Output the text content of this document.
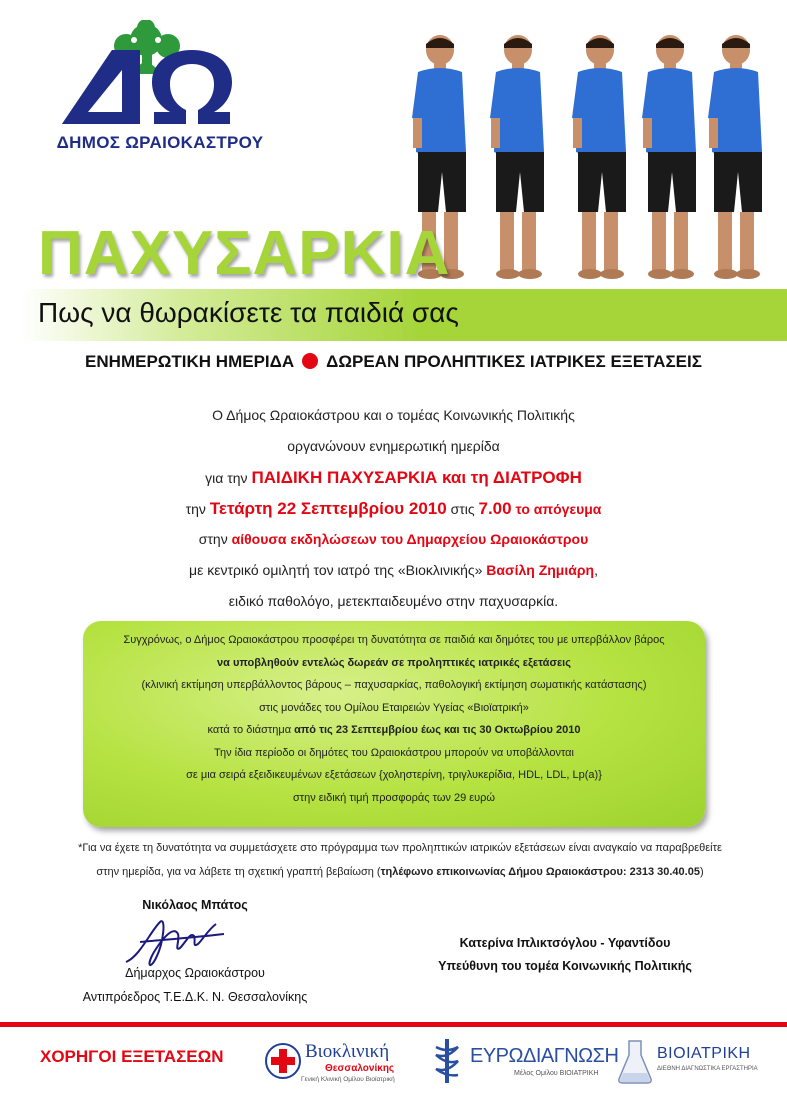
ΔΗΜΟΣ ΩΡΑΙΟΚΑΣΤΡΟΥ
ΠΑΧΥΣΑΡΚΙΑ
Πως να θωρακίσετε τα παιδιά σας
ΕΝΗΜΕΡΩΤΙΚΗ ΗΜΕΡΙΔΑ ΔΩΡΕΑΝ ΠΡΟΛΗΠΤΙΚΕΣ ΙΑΤΡΙΚΕΣ ΕΞΕΤΑΣΕΙΣ
Ο Δήμος Ωραιοκάστρου και ο τομέας Κοινωνικής Πολιτικής
οργανώνουν ενημερωτική ημερίδα
για την ΠΑΙΔΙΚΗ ΠΑΧΥΣΑΡΚΙΑ και τη ΔΙΑΤΡΟΦΗ
την Τετάρτη 22 Σεπτεμβρίου 2010 στις 7.00 το απόγευμα
στην αίθουσα εκδηλώσεων του Δημαρχείου Ωραιοκάστρου
με κεντρικό ομιλητή τον ιατρό της «Βιοκλινικής» Βασίλη Ζημιάρη,
ειδικό παθολόγο, μετεκπαιδευμένο στην παχυσαρκία.
Συγχρόνως, ο Δήμος Ωραιοκάστρου προσφέρει τη δυνατότητα σε παιδιά και δημότες του με υπερβάλλον βάρος
να υποβληθούν εντελώς δωρεάν σε προληπτικές ιατρικές εξετάσεις
(κλινική εκτίμηση υπερβάλλοντος βάρους – παχυσαρκίας, παθολογική εκτίμηση σωματικής κατάστασης)
στις μονάδες του Ομίλου Εταιρειών Υγείας «Βιοϊατρική»
κατά το διάστημα από τις 23 Σεπτεμβρίου έως και τις 30 Οκτωβρίου 2010
Την ίδια περίοδο οι δημότες του Ωραιοκάστρου μπορούν να υποβάλλονται
σε μια σειρά εξειδικευμένων εξετάσεων {χοληστερίνη, τριγλυκερίδια, HDL, LDL, Lp(a)}
στην ειδική τιμή προσφοράς των 29 ευρώ
*Για να έχετε τη δυνατότητα να συμμετάσχετε στο πρόγραμμα των προληπτικών ιατρικών εξετάσεων είναι αναγκαίο να παραβρεθείτε
στην ημερίδα, για να λάβετε τη σχετική γραπτή βεβαίωση (τηλέφωνο επικοινωνίας Δήμου Ωραιοκάστρου: 2313 30.40.05)
Νικόλαος Μπάτος
Δήμαρχος Ωραιοκάστρου
Αντιπρόεδρος Τ.Ε.Δ.Κ. Ν. Θεσσαλονίκης
Κατερίνα Ιπλικτσόγλου - Υφαντίδου
Υπεύθυνη του τομέα Κοινωνικής Πολιτικής
ΧΟΡΗΓΟΙ ΕΞΕΤΑΣΕΩΝ	Βιοκλινική
Θεσσαλονίκης
Γενική Κλινική Ομίλου Βιοϊατρική
ΕΥΡΩΔΙΑΓΝΩΣΗ
Μέλος Ομίλου ΒΙΟΙΑΤΡΙΚΗ
ΒΙΟΙΑΤΡΙΚΗ
ΔΙΕΘΝΗ ΔΙΑΓΝΩΣΤΙΚΑ ΕΡΓΑΣΤΗΡΙΑ
